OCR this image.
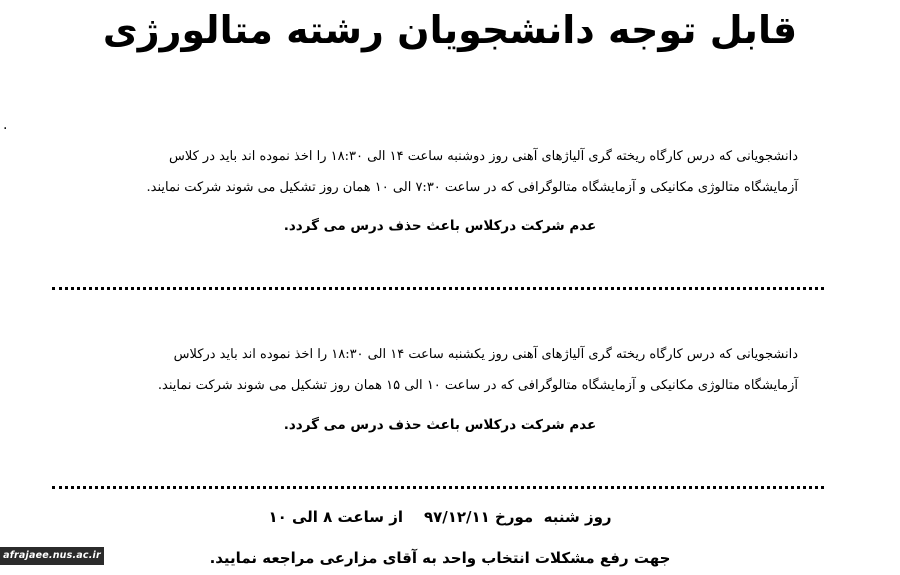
قابل توجه دانشجویان رشته متالورژی
.

دانشجویانی که درس کارگاه ریخته گری آلیاژهای آهنی روز دوشنبه ساعت ۱۴ الی ۱۸:۳۰ را اخذ نموده اند باید در کلاس

آزمایشگاه متالوژی مکانیکی و آزمایشگاه متالوگرافی که در ساعت ۷:۳۰ الی ۱۰ همان روز تشکیل می شوند شرکت نمایند.

عدم شرکت درکلاس باعث حذف درس می گردد.

دانشجویانی که درس کارگاه ریخته گری آلیاژهای آهنی روز یکشنبه ساعت ۱۴ الی ۱۸:۳۰ را اخذ نموده اند باید درکلاس

آزمایشگاه متالوژی مکانیکی و آزمایشگاه متالوگرافی که در ساعت ۱۰ الی ۱۵ همان روز تشکیل می شوند شرکت نمایند.

عدم شرکت درکلاس باعث حذف درس می گردد.
روز شنبه  مورخ ۹۷/۱۲/۱۱    از ساعت ۸ الی ۱۰
جهت رفع مشکلات انتخاب واحد به آقای مزارعی مراجعه نمایید.
afrajaee.nus.ac.ir
